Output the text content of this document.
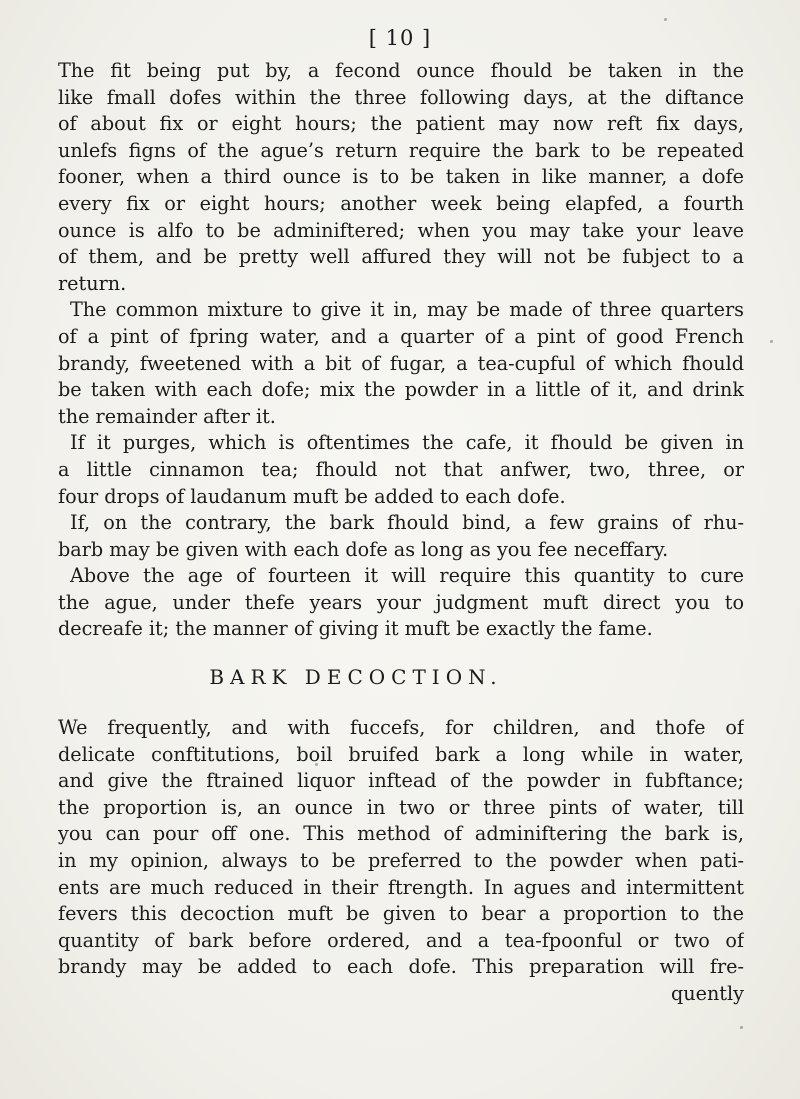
[ 10 ]
The fit being put by, a fecond ounce fhould be taken in the
like fmall dofes within the three following days, at the diftance
of about fix or eight hours; the patient may now reft fix days,
unlefs figns of the ague’s return require the bark to be repeated
fooner, when a third ounce is to be taken in like manner, a dofe
every fix or eight hours; another week being elapfed, a fourth
ounce is alfo to be adminiftered; when you may take your leave
of them, and be pretty well affured they will not be fubject to a
return.
The common mixture to give it in, may be made of three quarters
of a pint of fpring water, and a quarter of a pint of good French
brandy, fweetened with a bit of fugar, a tea-cupful of which fhould
be taken with each dofe; mix the powder in a little of it, and drink
the remainder after it.
If it purges, which is oftentimes the cafe, it fhould be given in
a little cinnamon tea; fhould not that anfwer, two, three, or
four drops of laudanum muft be added to each dofe.
If, on the contrary, the bark fhould bind, a few grains of rhu-
barb may be given with each dofe as long as you fee neceffary.
Above the age of fourteen it will require this quantity to cure
the ague, under thefe years your judgment muft direct you to
decreafe it; the manner of giving it muft be exactly the fame.
BARK DECOCTION.
We frequently, and with fuccefs, for children, and thofe of
delicate conftitutions, boil bruifed bark a long while in water,
and give the ftrained liquor inftead of the powder in fubftance;
the proportion is, an ounce in two or three pints of water, till
you can pour off one. This method of adminiftering the bark is,
in my opinion, always to be preferred to the powder when pati-
ents are much reduced in their ftrength. In agues and intermittent
fevers this decoction muft be given to bear a proportion to the
quantity of bark before ordered, and a tea-fpoonful or two of
brandy may be added to each dofe. This preparation will fre-
quently
